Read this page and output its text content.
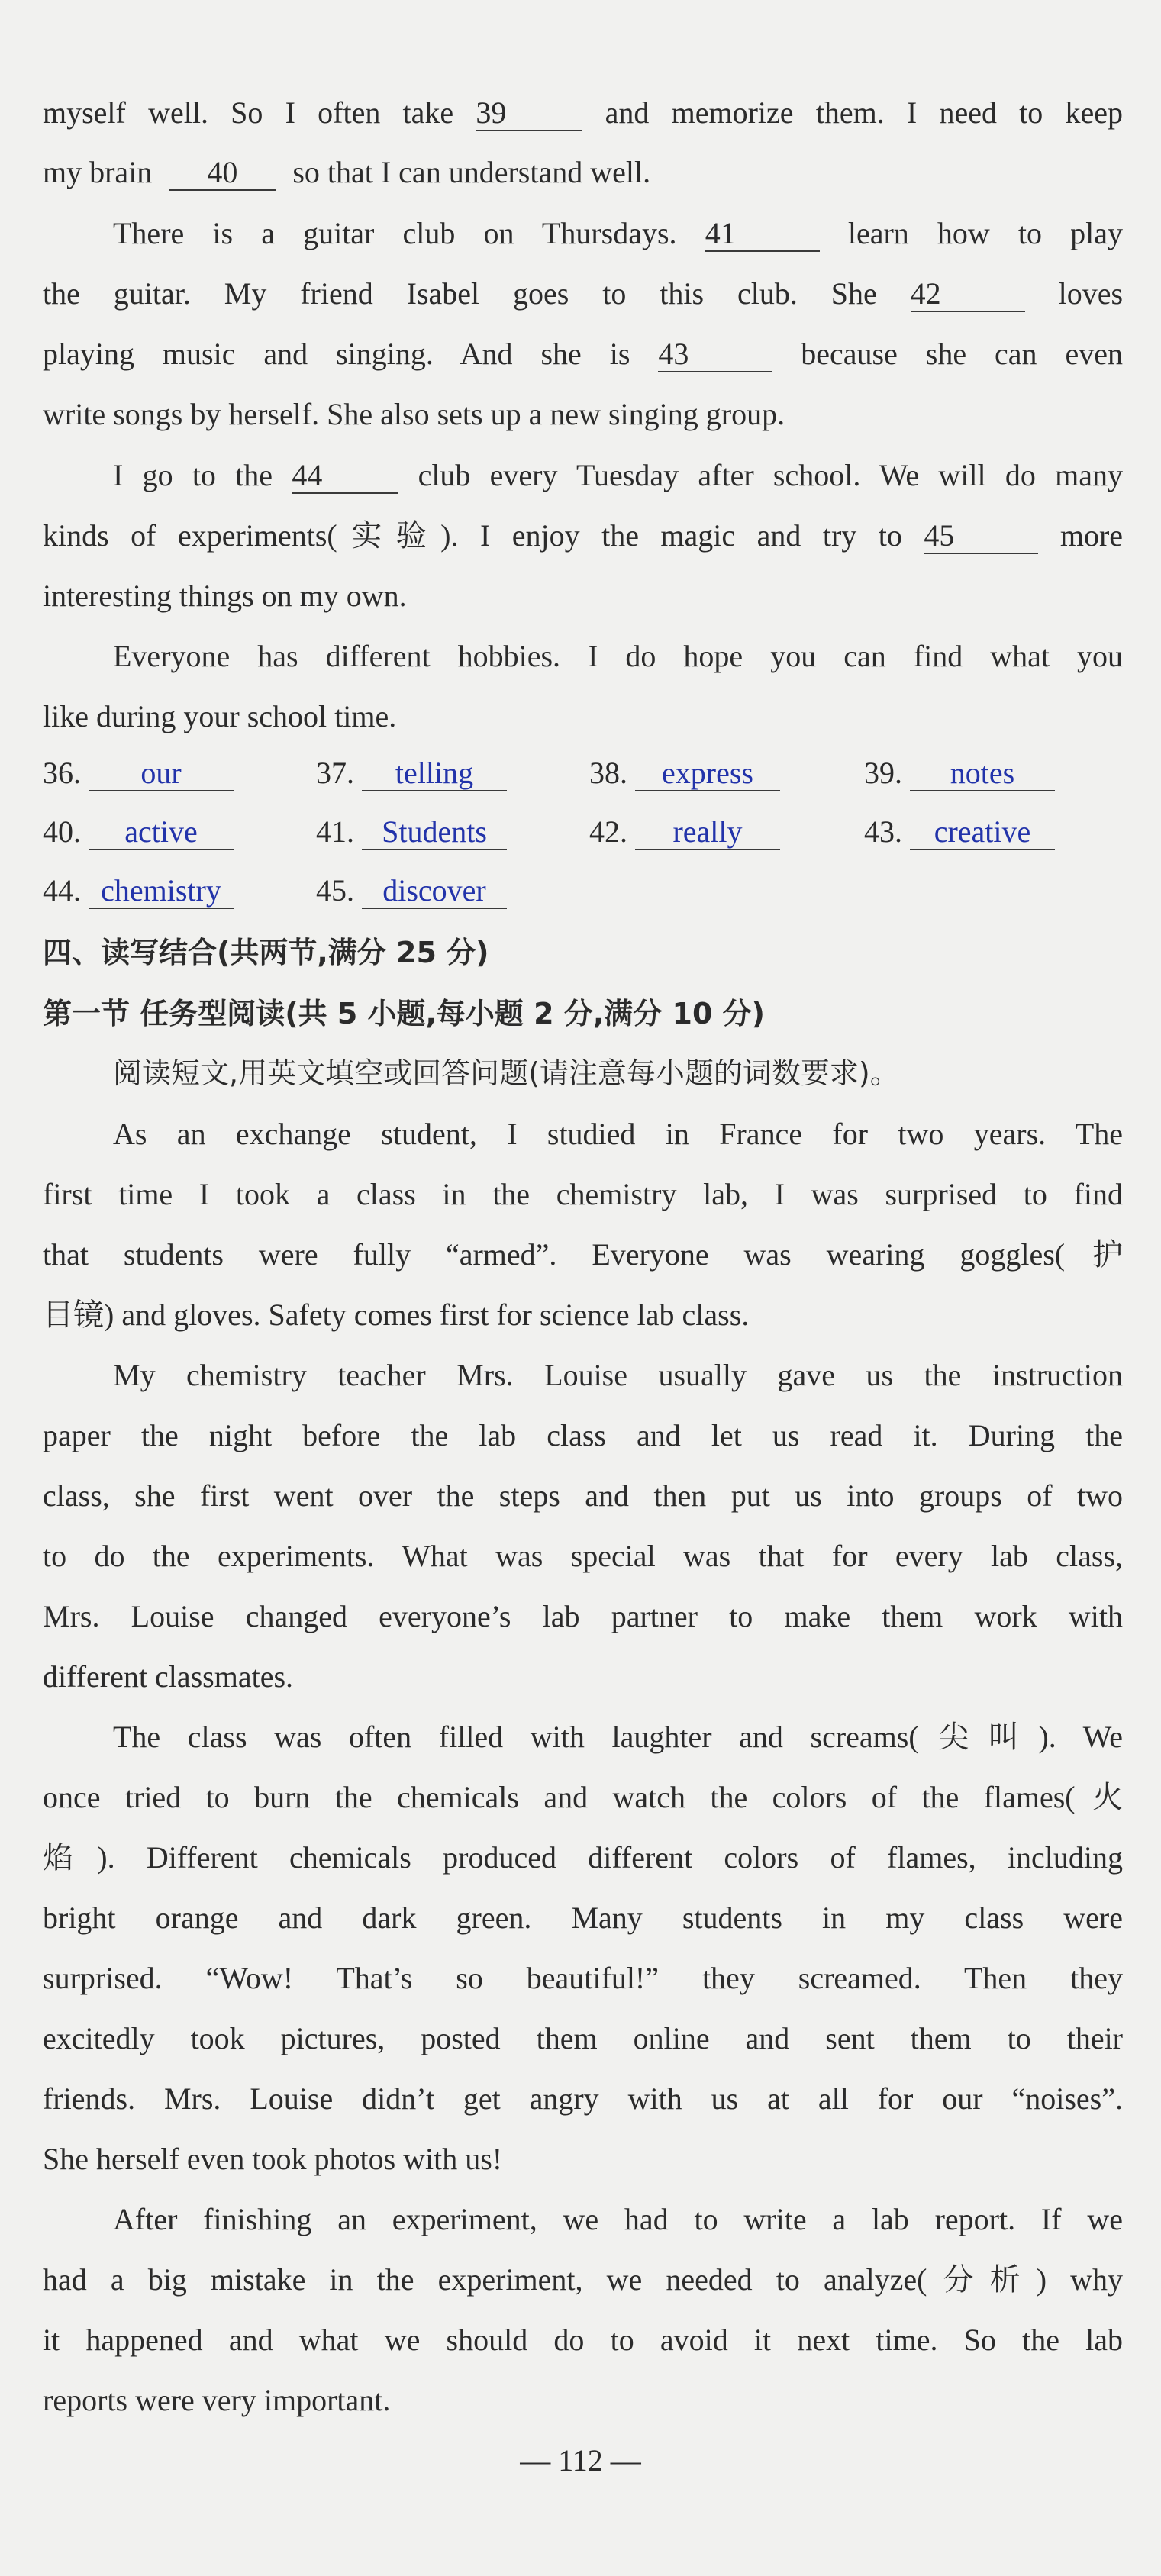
myself well. So I often take 39	and memorize them. I need to keep
my brain 40 so that I can understand well.
There is a guitar club on Thursdays. 41	learn how to play
the guitar. My friend Isabel goes to this club. She 42	loves
playing music and singing. And she is 43	because she can even
write songs by herself. She also sets up a new singing group.
I go to the 44	club every Tuesday after school. We will do many
kinds of experiments(实验). I enjoy the magic and try to 45	more
interesting things on my own.
Everyone has different hobbies. I do hope you can find what you
like during your school time.
36. our	37. telling	38. express	39. notes
40. active	41. Students	42. really	43. creative
44. chemistry	45. discover
四、读写结合(共两节,满分 25 分)
第一节 任务型阅读(共 5 小题,每小题 2 分,满分 10 分)
阅读短文,用英文填空或回答问题(请注意每小题的词数要求)。
As an exchange student, I studied in France for two years. The
first time I took a class in the chemistry lab, I was surprised to find
that students were fully “armed”. Everyone was wearing goggles(护
目镜) and gloves. Safety comes first for science lab class.
My chemistry teacher Mrs. Louise usually gave us the instruction
paper the night before the lab class and let us read it. During the
class, she first went over the steps and then put us into groups of two
to do the experiments. What was special was that for every lab class,
Mrs. Louise changed everyone’s lab partner to make them work with
different classmates.
The class was often filled with laughter and screams(尖叫). We
once tried to burn the chemicals and watch the colors of the flames(火
焰). Different chemicals produced different colors of flames, including
bright orange and dark green. Many students in my class were
surprised. “Wow! That’s so beautiful!” they screamed. Then they
excitedly took pictures, posted them online and sent them to their
friends. Mrs. Louise didn’t get angry with us at all for our “noises”.
She herself even took photos with us!
After finishing an experiment, we had to write a lab report. If we
had a big mistake in the experiment, we needed to analyze(分析) why
it happened and what we should do to avoid it next time. So the lab
reports were very important.
— 112 —
